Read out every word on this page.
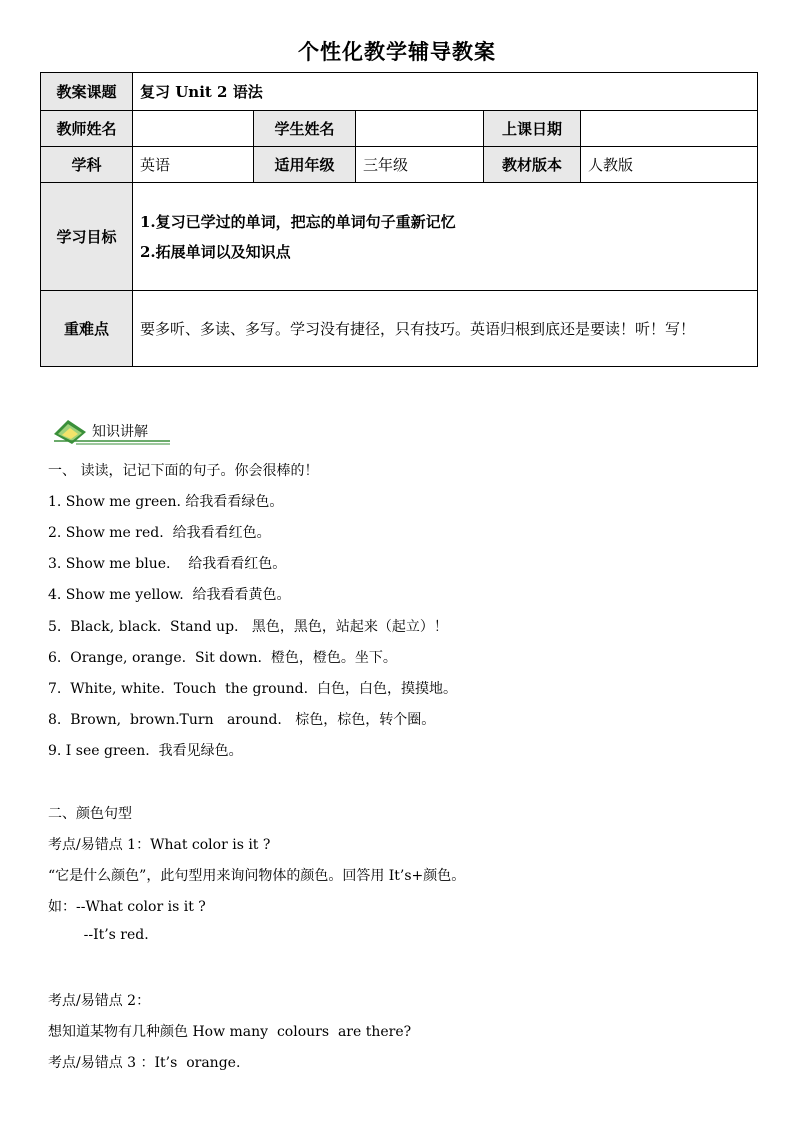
个性化教学辅导教案
教案课题	复习 Unit 2 语法				
教师姓名		学生姓名		上课日期	
学科	英语	适用年级	三年级	教材版本	人教版
学习目标	1.复习已学过的单词，把忘的单词句子重新记忆
2.拓展单词以及知识点				

重难点	要多听、多读、多写。学习没有捷径，只有技巧。英语归根到底还是要读！听！写！				
知识讲解
一、 读读，记记下面的句子。你会很棒的！
1. Show me green. 给我看看绿色。
2. Show me red.  给我看看红色。
3. Show me blue.    给我看看红色。
4. Show me yellow.  给我看看黄色。
5.  Black, black.  Stand up.   黑色，黑色，站起来（起立）！
6.  Orange, orange.  Sit down.  橙色，橙色。坐下。
7.  White, white.  Touch  the ground.  白色，白色，摸摸地。
8.  Brown,  brown.Turn   around.   棕色，棕色，转个圈。
9. I see green.  我看见绿色。
二、颜色句型
考点/易错点 1：What color is it ?
“它是什么颜色”，此句型用来询问物体的颜色。回答用 It’s+颜色。
如：--What color is it ?
--It’s red.
考点/易错点 2：
想知道某物有几种颜色 How many  colours  are there?
考点/易错点 3 ：It’s  orange.
